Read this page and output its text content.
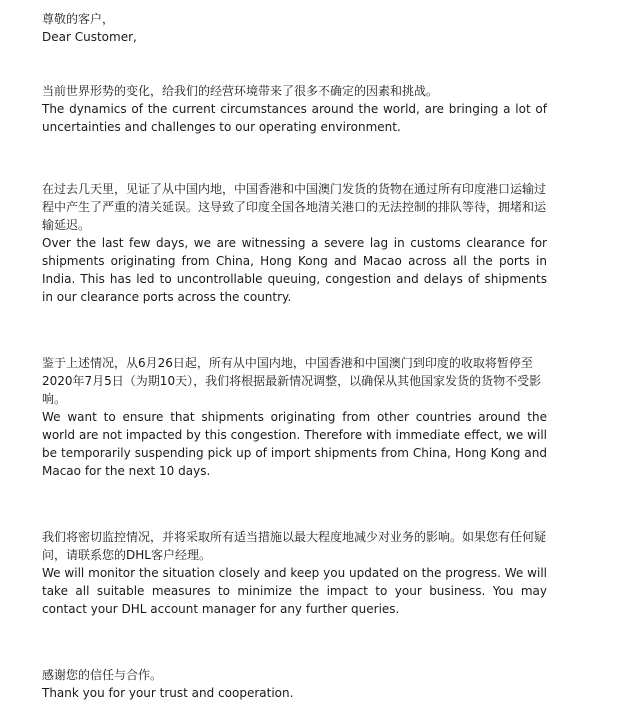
尊敬的客户，

Dear Customer,

当前世界形势的变化，给我们的经营环境带来了很多不确定的因素和挑战。

The dynamics of the current circumstances around the world, are bringing a lot of uncertainties and challenges to our operating environment.

在过去几天里，见证了从中国内地，中国香港和中国澳门发货的货物在通过所有印度港口运输过程中产生了严重的清关延误。这导致了印度全国各地清关港口的无法控制的排队等待，拥堵和运输延迟。

Over the last few days, we are witnessing a severe lag in customs clearance for shipments originating from China, Hong Kong and Macao across all the ports in India. This has led to uncontrollable queuing, congestion and delays of shipments in our clearance ports across the country.

鉴于上述情况，从6月26日起，所有从中国内地，中国香港和中国澳门到印度的收取将暂停至2020年7月5日（为期10天），我们将根据最新情况调整，以确保从其他国家发货的货物不受影响。

We want to ensure that shipments originating from other countries around the world are not impacted by this congestion. Therefore with immediate effect, we will be temporarily suspending pick up of import shipments from China, Hong Kong and Macao for the next 10 days.

我们将密切监控情况，并将采取所有适当措施以最大程度地减少对业务的影响。如果您有任何疑问，请联系您的DHL客户经理。

We will monitor the situation closely and keep you updated on the progress. We will take all suitable measures to minimize the impact to your business. You may contact your DHL account manager for any further queries.

感谢您的信任与合作。

Thank you for your trust and cooperation.
